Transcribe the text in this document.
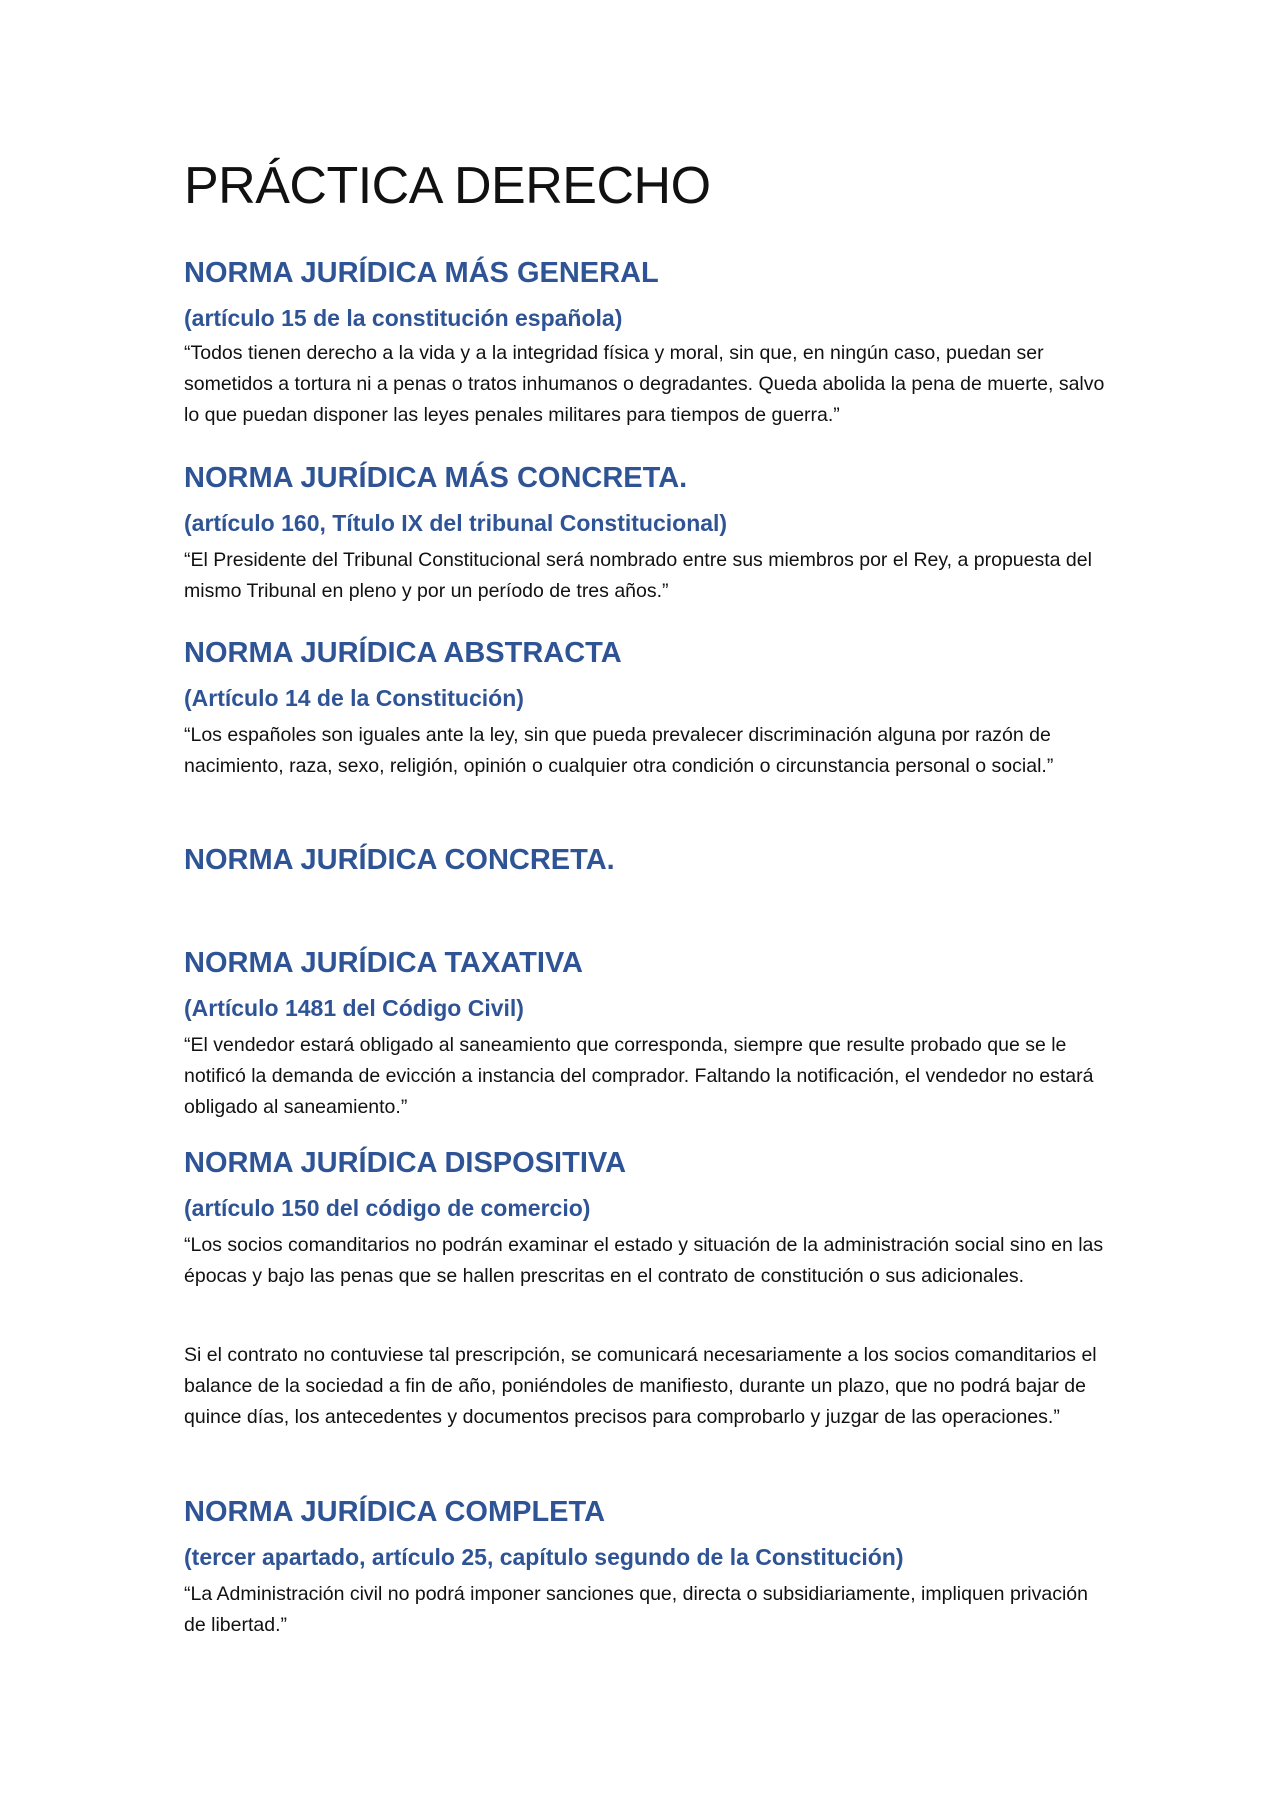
PRÁCTICA DERECHO
NORMA JURÍDICA MÁS GENERAL
(artículo 15 de la constitución española)

“Todos tienen derecho a la vida y a la integridad física y moral, sin que, en ningún caso, puedan ser sometidos a tortura ni a penas o tratos inhumanos o degradantes. Queda abolida la pena de muerte, salvo lo que puedan disponer las leyes penales militares para tiempos de guerra.”

NORMA JURÍDICA MÁS CONCRETA.
(artículo 160, Título IX del tribunal Constitucional)

“El Presidente del Tribunal Constitucional será nombrado entre sus miembros por el Rey, a propuesta del mismo Tribunal en pleno y por un período de tres años.”

NORMA JURÍDICA ABSTRACTA
(Artículo 14 de la Constitución)

“Los españoles son iguales ante la ley, sin que pueda prevalecer discriminación alguna por razón de nacimiento, raza, sexo, religión, opinión o cualquier otra condición o circunstancia personal o social.”

NORMA JURÍDICA CONCRETA.
NORMA JURÍDICA TAXATIVA
(Artículo 1481 del Código Civil)

“El vendedor estará obligado al saneamiento que corresponda, siempre que resulte probado que se le notificó la demanda de evicción a instancia del comprador. Faltando la notificación, el vendedor no estará obligado al saneamiento.”

NORMA JURÍDICA DISPOSITIVA
(artículo 150 del código de comercio)

“Los socios comanditarios no podrán examinar el estado y situación de la administración social sino en las épocas y bajo las penas que se hallen prescritas en el contrato de constitución o sus adicionales.

Si el contrato no contuviese tal prescripción, se comunicará necesariamente a los socios comanditarios el balance de la sociedad a fin de año, poniéndoles de manifiesto, durante un plazo, que no podrá bajar de quince días, los antecedentes y documentos precisos para comprobarlo y juzgar de las operaciones.”

NORMA JURÍDICA COMPLETA
(tercer apartado, artículo 25, capítulo segundo de la Constitución)

“La Administración civil no podrá imponer sanciones que, directa o subsidiariamente, impliquen privación de libertad.”
